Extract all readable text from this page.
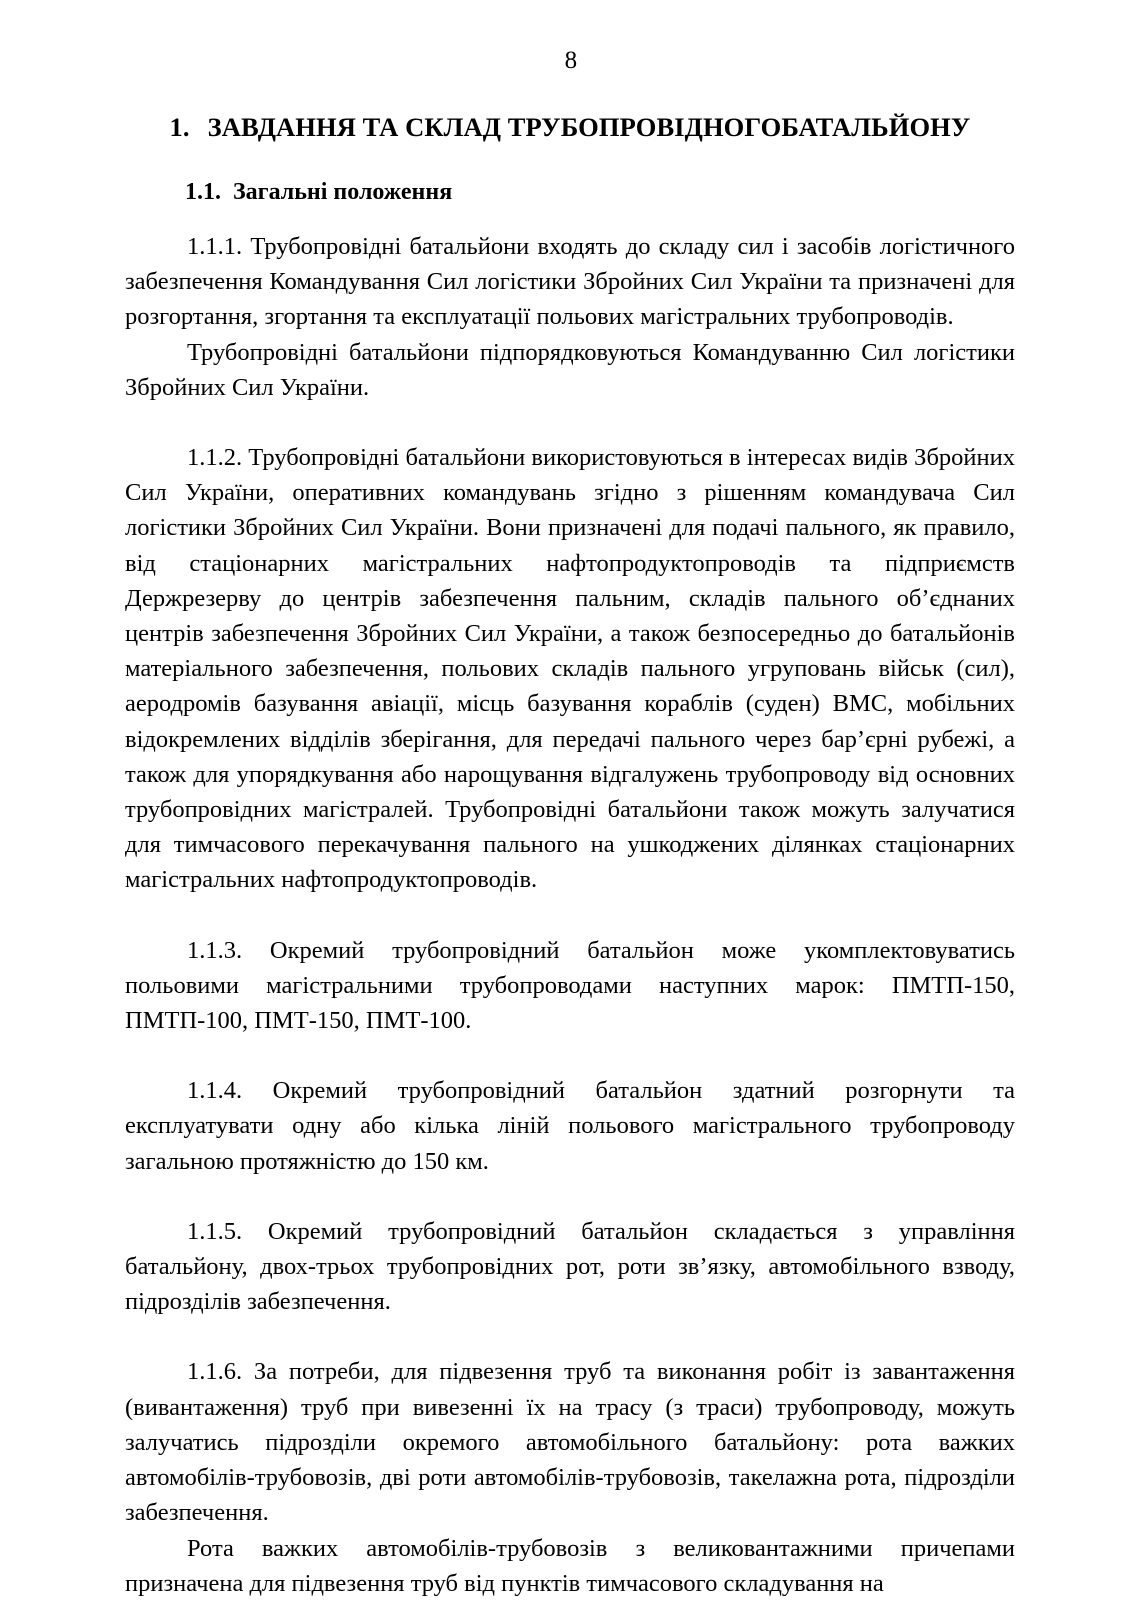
8
1. ЗАВДАННЯ ТА СКЛАД ТРУБОПРОВІДНОГОБАТАЛЬЙОНУ
1.1. Загальні положення

1.1.1. Трубопровідні батальйони входять до складу сил і засобів логістичного забезпечення Командування Сил логістики Збройних Сил України та призначені для розгортання, згортання та експлуатації польових магістральних трубопроводів.

Трубопровідні батальйони підпорядковуються Командуванню Сил логістики Збройних Сил України.

1.1.2. Трубопровідні батальйони використовуються в інтересах видів Збройних Сил України, оперативних командувань згідно з рішенням командувача Сил логістики Збройних Сил України. Вони призначені для подачі пального, як правило, від стаціонарних магістральних нафтопродуктопроводів та підприємств Держрезерву до центрів забезпечення пальним, складів пального об’єднаних центрів забезпечення Збройних Сил України, а також безпосередньо до батальйонів матеріального забезпечення, польових складів пального угруповань військ (сил), аеродромів базування авіації, місць базування кораблів (суден) ВМС, мобільних відокремлених відділів зберігання, для передачі пального через бар’єрні рубежі, а також для упорядкування або нарощування відгалужень трубопроводу від основних трубопровідних магістралей. Трубопровідні батальйони також можуть залучатися для тимчасового перекачування пального на ушкоджених ділянках стаціонарних магістральних нафтопродуктопроводів.

1.1.3. Окремий трубопровідний батальйон може укомплектовуватись польовими магістральними трубопроводами наступних марок: ПМТП-150, ПМТП-100, ПМТ-150, ПМТ-100.

1.1.4. Окремий трубопровідний батальйон здатний розгорнути та експлуатувати одну або кілька ліній польового магістрального трубопроводу загальною протяжністю до 150 км.

1.1.5. Окремий трубопровідний батальйон складається з управління батальйону, двох-трьох трубопровідних рот, роти зв’язку, автомобільного взводу, підрозділів забезпечення.

1.1.6. За потреби, для підвезення труб та виконання робіт із завантаження (вивантаження) труб при вивезенні їх на трасу (з траси) трубопроводу, можуть залучатись підрозділи окремого автомобільного батальйону: рота важких автомобілів-трубовозів, дві роти автомобілів-трубовозів, такелажна рота, підрозділи забезпечення.

Рота важких автомобілів-трубовозів з великовантажними причепами призначена для підвезення труб від пунктів тимчасового складування на
